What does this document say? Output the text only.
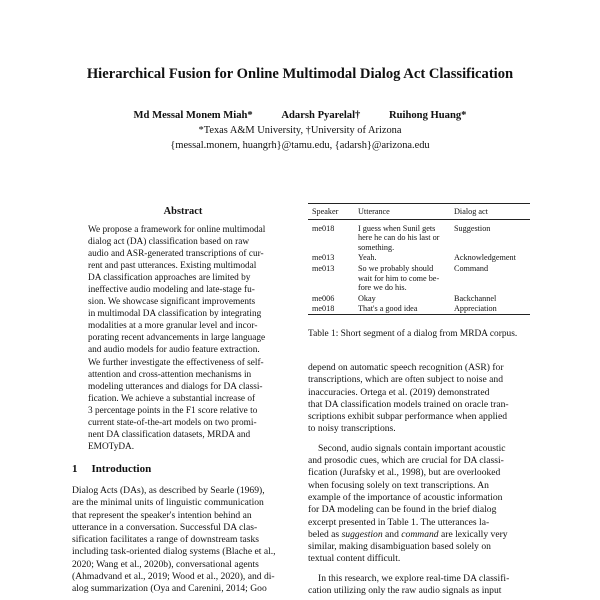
Hierarchical Fusion for Online Multimodal Dialog Act Classification
Md Messal Monem Miah*	Adarsh Pyarelal†	Ruihong Huang*
*Texas A&M University, †University of Arizona
{messal.monem, huangrh}@tamu.edu, {adarsh}@arizona.edu
Abstract
We propose a framework for online multimodal
dialog act (DA) classification based on raw
audio and ASR-generated transcriptions of cur-
rent and past utterances. Existing multimodal
DA classification approaches are limited by
ineffective audio modeling and late-stage fu-
sion. We showcase significant improvements
in multimodal DA classification by integrating
modalities at a more granular level and incor-
porating recent advancements in large language
and audio models for audio feature extraction.
We further investigate the effectiveness of self-
attention and cross-attention mechanisms in
modeling utterances and dialogs for DA classi-
fication. We achieve a substantial increase of
3 percentage points in the F1 score relative to
current state-of-the-art models on two promi-
nent DA classification datasets, MRDA and
EMOTyDA.
1 Introduction
Dialog Acts (DAs), as described by Searle (1969),
are the minimal units of linguistic communication
that represent the speaker's intention behind an
utterance in a conversation. Successful DA clas-
sification facilitates a range of downstream tasks
including task-oriented dialog systems (Blache et al.,
2020; Wang et al., 2020b), conversational agents
(Ahmadvand et al., 2019; Wood et al., 2020), and di-
alog summarization (Oya and Carenini, 2014; Goo
Speaker	Utterance	Dialog act
me018	I guess when Sunil gets
here he can do his last or
something.	Suggestion
me013	Yeah.	Acknowledgement
me013	So we probably should
wait for him to come be-
fore we do his.	Command
me006	Okay	Backchannel
me018	That's a good idea	Appreciation
Table 1: Short segment of a dialog from MRDA corpus.
depend on automatic speech recognition (ASR) for
transcriptions, which are often subject to noise and
inaccuracies. Ortega et al. (2019) demonstrated
that DA classification models trained on oracle tran-
scriptions exhibit subpar performance when applied
to noisy transcriptions.
Second, audio signals contain important acoustic
and prosodic cues, which are crucial for DA classi-
fication (Jurafsky et al., 1998), but are overlooked
when focusing solely on text transcriptions. An
example of the importance of acoustic information
for DA modeling can be found in the brief dialog
excerpt presented in Table 1. The utterances la-
beled as suggestion and command are lexically very
similar, making disambiguation based solely on
textual content difficult.
In this research, we explore real-time DA classifi-
cation utilizing only the raw audio signals as input
